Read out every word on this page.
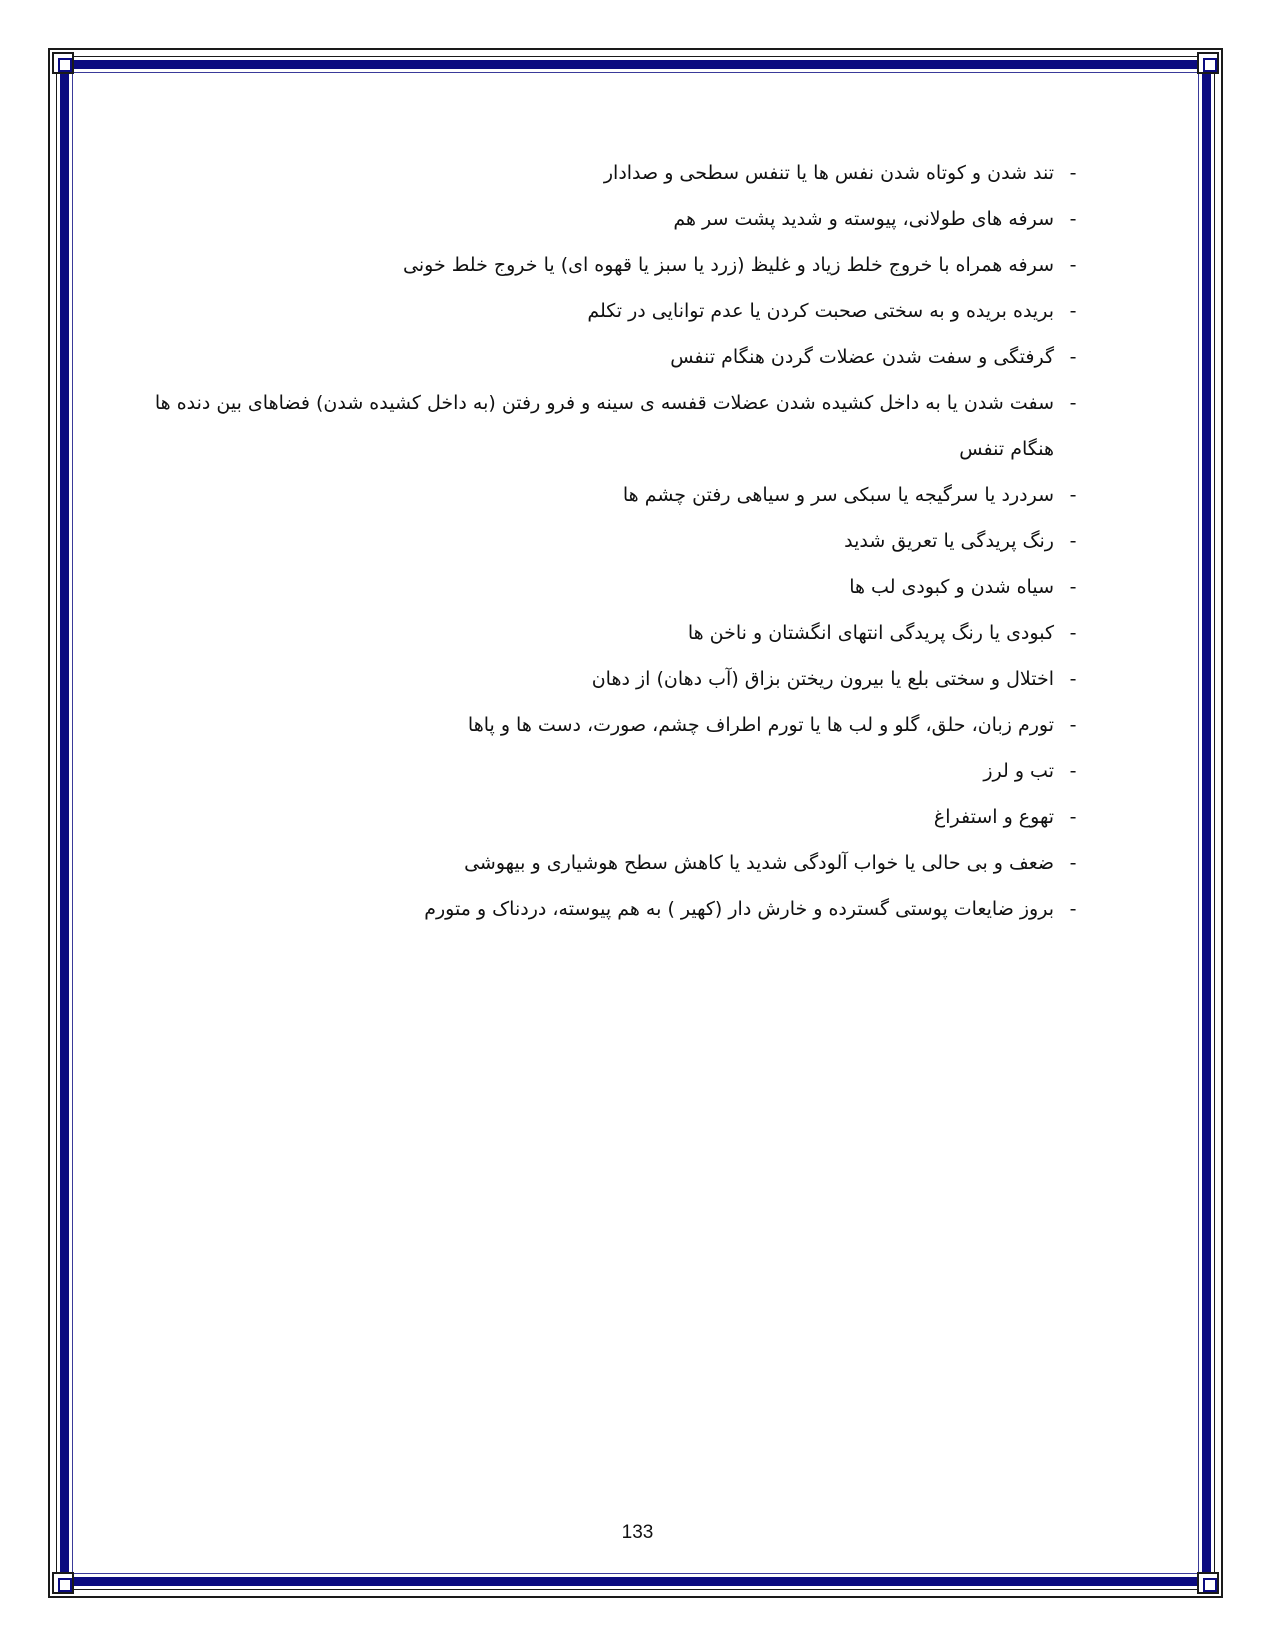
-
تند شدن و کوتاه شدن نفس ها یا تنفس سطحی و صدادار
-
سرفه های طولانی، پیوسته و شدید پشت سر هم
-
سرفه همراه با خروج خلط زیاد و غلیظ (زرد یا سبز یا قهوه ای) یا خروج خلط خونی
-
بریده بریده و به سختی صحبت کردن یا عدم توانایی در تکلم
-
گرفتگی و سفت شدن عضلات گردن هنگام تنفس
-
سفت شدن یا به داخل کشیده شدن عضلات قفسه ی سینه و فرو رفتن (به داخل کشیده شدن) فضاهای بین دنده ها هنگام تنفس
-
سردرد یا سرگیجه یا سبکی سر و سیاهی رفتن چشم ها
-
رنگ پریدگی یا تعریق شدید
-
سیاه شدن و کبودی لب ها
-
کبودی یا رنگ پریدگی انتهای انگشتان و ناخن ها
-
اختلال و سختی بلع یا بیرون ریختن بزاق (آب دهان) از دهان
-
تورم زبان، حلق، گلو و لب ها یا تورم اطراف چشم، صورت، دست ها و پاها
-
تب و لرز
-
تهوع و استفراغ
-
ضعف و بی حالی یا خواب آلودگی شدید یا کاهش سطح هوشیاری و بیهوشی
-
بروز ضایعات پوستی گسترده و خارش دار (کهیر ) به هم پیوسته، دردناک و متورم
133
